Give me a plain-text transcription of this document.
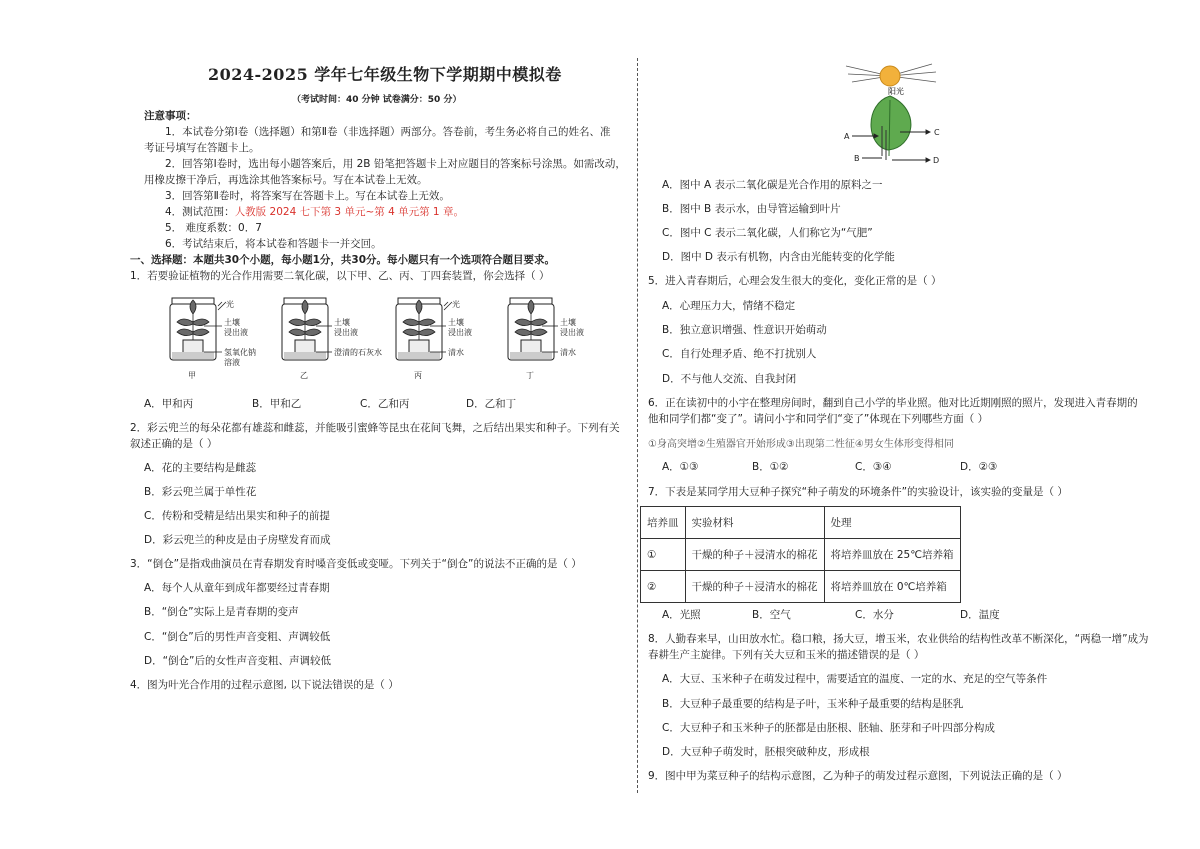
2024-2025 学年七年级生物下学期期中模拟卷
（考试时间：40 分钟 试卷满分：50 分）
注意事项：
1．本试卷分第Ⅰ卷（选择题）和第Ⅱ卷（非选择题）两部分。答卷前，考生务必将自己的姓名、准
考证号填写在答题卡上。
2．回答第Ⅰ卷时，选出每小题答案后，用 2B 铅笔把答题卡上对应题目的答案标号涂黑。如需改动，
用橡皮擦干净后，再选涂其他答案标号。写在本试卷上无效。
3．回答第Ⅱ卷时，将答案写在答题卡上。写在本试卷上无效。
4．测试范围：人教版 2024 七下第 3 单元~第 4 单元第 1 章。
5． 难度系数：0．7
6．考试结束后，将本试卷和答题卡一并交回。
一、选择题：本题共30个小题，每小题1分，共30分。每小题只有一个选项符合题目要求。
1．若要验证植物的光合作用需要二氧化碳，以下甲、乙、丙、丁四套装置，你会选择（ ）
光
土壤
浸出液
氢氧化钠
溶液
土壤
浸出液
澄清的石灰水
光
土壤
浸出液
清水
土壤
浸出液
清水
甲	乙	丙	丁
A．甲和丙	B．甲和乙	C．乙和丙	D．乙和丁
2．彩云兜兰的每朵花都有雄蕊和雌蕊，并能吸引蜜蜂等昆虫在花间飞舞，之后结出果实和种子。下列有关
叙述正确的是（ ）
A．花的主要结构是雌蕊
B．彩云兜兰属于单性花
C．传粉和受精是结出果实和种子的前提
D．彩云兜兰的种皮是由子房壁发育而成
3．“倒仓”是指戏曲演员在青春期发育时嗓音变低或变哑。下列关于“倒仓”的说法不正确的是（ ）
A．每个人从童年到成年都要经过青春期
B．“倒仓”实际上是青春期的变声
C．“倒仓”后的男性声音变粗、声调较低
D．“倒仓”后的女性声音变粗、声调较低
4．图为叶光合作用的过程示意图, 以下说法错误的是（ ）
阳光
A	C
B	D
A．图中 A 表示二氧化碳是光合作用的原料之一
B．图中 B 表示水，由导管运输到叶片
C．图中 C 表示二氧化碳，人们称它为“气肥”
D．图中 D 表示有机物，内含由光能转变的化学能
5．进入青春期后，心理会发生很大的变化，变化正常的是（ ）
A．心理压力大，情绪不稳定
B．独立意识增强、性意识开始萌动
C．自行处理矛盾、绝不打扰别人
D．不与他人交流、自我封闭
6．正在读初中的小宇在整理房间时，翻到自己小学的毕业照。他对比近期刚照的照片，发现进入青春期的
他和同学们都“变了”。请问小宇和同学们“变了”体现在下列哪些方面（ ）
①身高突增②生殖器官开始形成③出现第二性征④男女生体形变得相同
A．①③	B．①②	C．③④	D．②③
7．下表是某同学用大豆种子探究“种子萌发的环境条件”的实验设计，该实验的变量是（ ）
培养皿	实验材料	处理
①	干燥的种子＋浸清水的棉花	将培养皿放在 25℃培养箱
②	干燥的种子＋浸清水的棉花	将培养皿放在 0℃培养箱
A．光照	B．空气	C．水分	D．温度
8．人勤春来早，山田放水忙。稳口粮，扬大豆，增玉米，农业供给的结构性改革不断深化，“两稳一增”成为
春耕生产主旋律。下列有关大豆和玉米的描述错误的是（ ）
A．大豆、玉米种子在萌发过程中，需要适宜的温度、一定的水、充足的空气等条件
B．大豆种子最重要的结构是子叶，玉米种子最重要的结构是胚乳
C．大豆种子和玉米种子的胚都是由胚根、胚轴、胚芽和子叶四部分构成
D．大豆种子萌发时，胚根突破种皮，形成根
9．图中甲为菜豆种子的结构示意图，乙为种子的萌发过程示意图，下列说法正确的是（ ）
